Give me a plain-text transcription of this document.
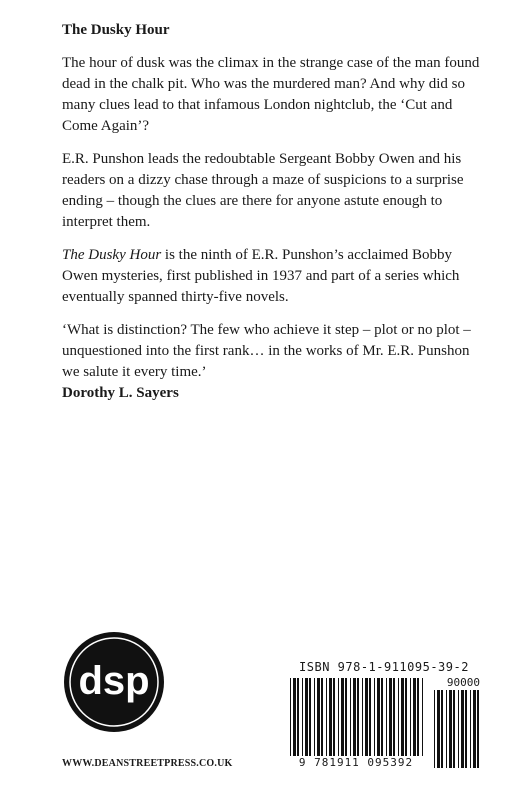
The Dusky Hour

The hour of dusk was the climax in the strange case of the man found dead in the chalk pit. Who was the murdered man? And why did so many clues lead to that infamous London nightclub, the ‘Cut and Come Again’?

E.R. Punshon leads the redoubtable Sergeant Bobby Owen and his readers on a dizzy chase through a maze of suspicions to a surprise ending – though the clues are there for anyone astute enough to interpret them.

The Dusky Hour is the ninth of E.R. Punshon’s acclaimed Bobby Owen mysteries, first published in 1937 and part of a series which eventually spanned thirty-five novels.

‘What is distinction? The few who achieve it step – plot or no plot – unquestioned into the first rank… in the works of Mr. E.R. Punshon we salute it every time.’

Dorothy L. Sayers

dsp
WWW.DEANSTREETPRESS.CO.UK
ISBN 978-1-911095-39-2
90000
9 781911 095392
